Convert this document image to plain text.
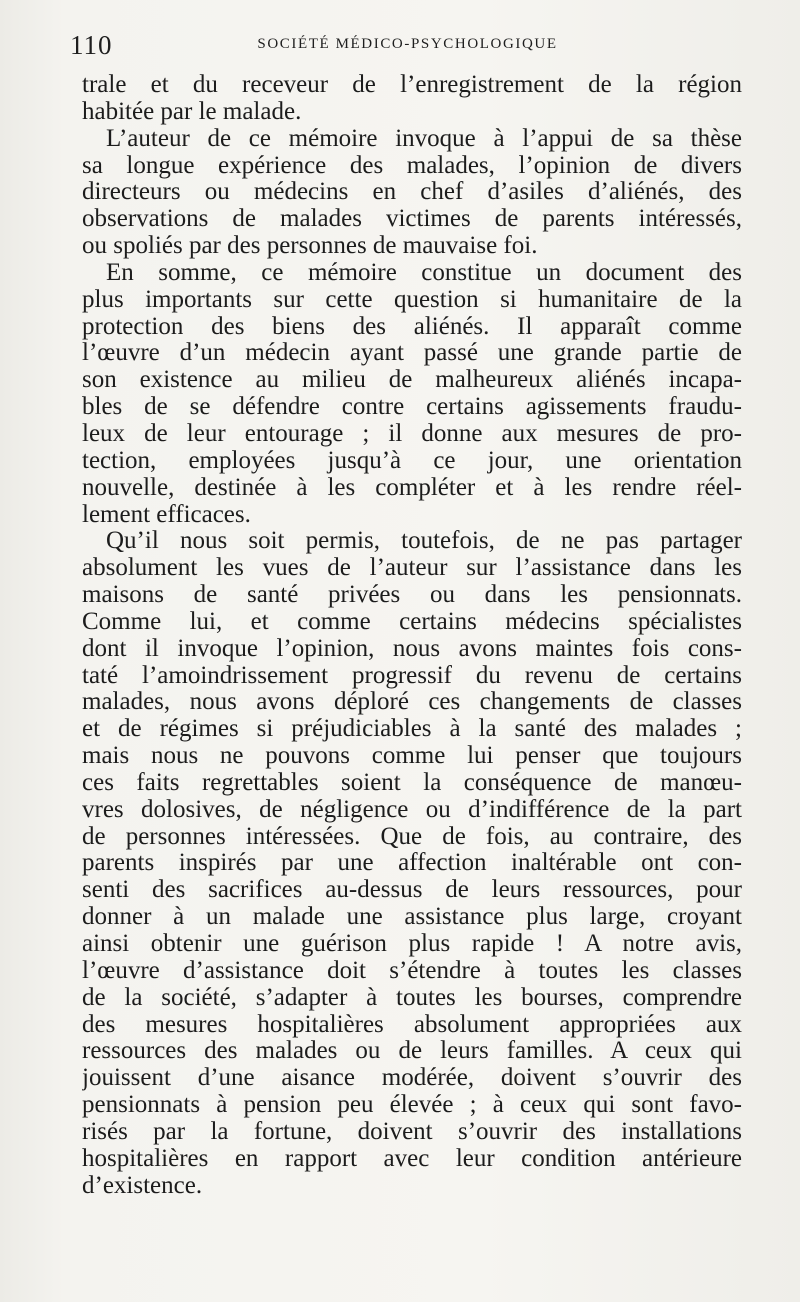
110	SOCIÉTÉ MÉDICO-PSYCHOLOGIQUE
trale et du receveur de l’enregistrement de la région
habitée par le malade.
L’auteur de ce mémoire invoque à l’appui de sa thèse
sa longue expérience des malades, l’opinion de divers
directeurs ou médecins en chef d’asiles d’aliénés, des
observations de malades victimes de parents intéressés,
ou spoliés par des personnes de mauvaise foi.
En somme, ce mémoire constitue un document des
plus importants sur cette question si humanitaire de la
protection des biens des aliénés. Il apparaît comme
l’œuvre d’un médecin ayant passé une grande partie de
son existence au milieu de malheureux aliénés incapa-
bles de se défendre contre certains agissements fraudu-
leux de leur entourage ; il donne aux mesures de pro-
tection, employées jusqu’à ce jour, une orientation
nouvelle, destinée à les compléter et à les rendre réel-
lement efficaces.
Qu’il nous soit permis, toutefois, de ne pas partager
absolument les vues de l’auteur sur l’assistance dans les
maisons de santé privées ou dans les pensionnats.
Comme lui, et comme certains médecins spécialistes
dont il invoque l’opinion, nous avons maintes fois cons-
taté l’amoindrissement progressif du revenu de certains
malades, nous avons déploré ces changements de classes
et de régimes si préjudiciables à la santé des malades ;
mais nous ne pouvons comme lui penser que toujours
ces faits regrettables soient la conséquence de manœu-
vres dolosives, de négligence ou d’indifférence de la part
de personnes intéressées. Que de fois, au contraire, des
parents inspirés par une affection inaltérable ont con-
senti des sacrifices au-dessus de leurs ressources, pour
donner à un malade une assistance plus large, croyant
ainsi obtenir une guérison plus rapide ! A notre avis,
l’œuvre d’assistance doit s’étendre à toutes les classes
de la société, s’adapter à toutes les bourses, comprendre
des mesures hospitalières absolument appropriées aux
ressources des malades ou de leurs familles. A ceux qui
jouissent d’une aisance modérée, doivent s’ouvrir des
pensionnats à pension peu élevée ; à ceux qui sont favo-
risés par la fortune, doivent s’ouvrir des installations
hospitalières en rapport avec leur condition antérieure
d’existence.
